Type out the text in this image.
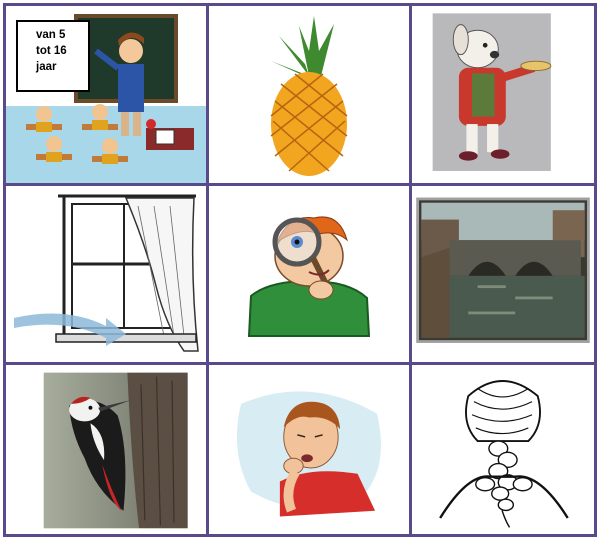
van 5
tot 16
jaar
